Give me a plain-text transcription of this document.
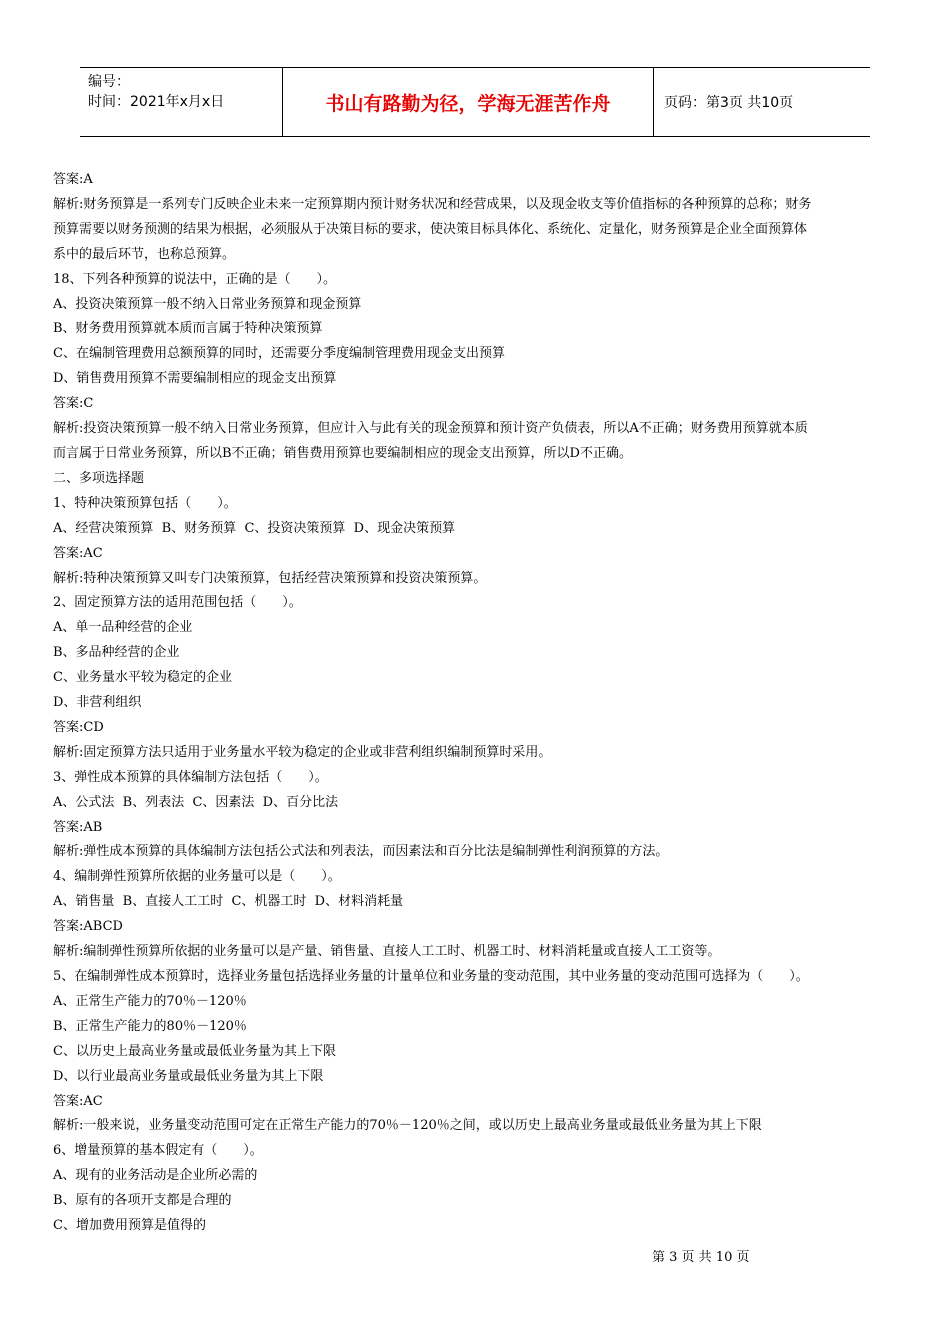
编号：
时间：2021年x月x日	书山有路勤为径，学海无涯苦作舟	页码：第3页 共10页

答案:A

解析:财务预算是一系列专门反映企业未来一定预算期内预计财务状况和经营成果，以及现金收支等价值指标的各种预算的总称；财务

预算需要以财务预测的结果为根据，必须服从于决策目标的要求，使决策目标具体化、系统化、定量化，财务预算是企业全面预算体

系中的最后环节，也称总预算。

18、下列各种预算的说法中，正确的是（　　）。

A、投资决策预算一般不纳入日常业务预算和现金预算

B、财务费用预算就本质而言属于特种决策预算

C、在编制管理费用总额预算的同时，还需要分季度编制管理费用现金支出预算

D、销售费用预算不需要编制相应的现金支出预算

答案:C

解析:投资决策预算一般不纳入日常业务预算，但应计入与此有关的现金预算和预计资产负债表，所以A不正确；财务费用预算就本质

而言属于日常业务预算，所以B不正确；销售费用预算也要编制相应的现金支出预算，所以D不正确。

二、多项选择题

1、特种决策预算包括（　　）。

A、经营决策预算  B、财务预算  C、投资决策预算  D、现金决策预算

答案:AC

解析:特种决策预算又叫专门决策预算，包括经营决策预算和投资决策预算。

2、固定预算方法的适用范围包括（　　）。

A、单一品种经营的企业

B、多品种经营的企业

C、业务量水平较为稳定的企业

D、非营利组织

答案:CD

解析:固定预算方法只适用于业务量水平较为稳定的企业或非营利组织编制预算时采用。

3、弹性成本预算的具体编制方法包括（　　）。

A、公式法  B、列表法  C、因素法  D、百分比法

答案:AB

解析:弹性成本预算的具体编制方法包括公式法和列表法，而因素法和百分比法是编制弹性利润预算的方法。

4、编制弹性预算所依据的业务量可以是（　　）。

A、销售量  B、直接人工工时  C、机器工时  D、材料消耗量

答案:ABCD

解析:编制弹性预算所依据的业务量可以是产量、销售量、直接人工工时、机器工时、材料消耗量或直接人工工资等。

5、在编制弹性成本预算时，选择业务量包括选择业务量的计量单位和业务量的变动范围，其中业务量的变动范围可选择为（　　）。

A、正常生产能力的70％－120％

B、正常生产能力的80％－120％

C、以历史上最高业务量或最低业务量为其上下限

D、以行业最高业务量或最低业务量为其上下限

答案:AC

解析:一般来说，业务量变动范围可定在正常生产能力的70％－120％之间，或以历史上最高业务量或最低业务量为其上下限

6、增量预算的基本假定有（　　）。

A、现有的业务活动是企业所必需的

B、原有的各项开支都是合理的

C、增加费用预算是值得的

第 3 页 共 10 页
